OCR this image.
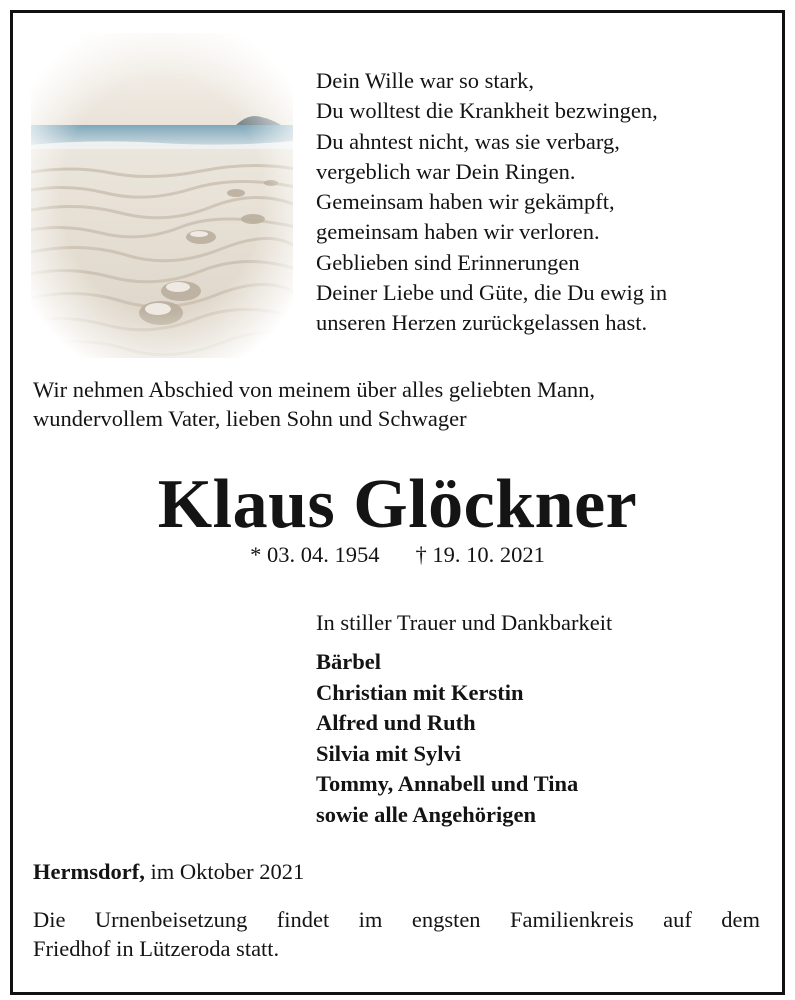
Dein Wille war so stark,
Du wolltest die Krankheit bezwingen,
Du ahntest nicht, was sie verbarg,
vergeblich war Dein Ringen.
Gemeinsam haben wir gekämpft,
gemeinsam haben wir verloren.
Geblieben sind Erinnerungen
Deiner Liebe und Güte, die Du ewig in
unseren Herzen zurückgelassen hast.
Wir nehmen Abschied von meinem über alles geliebten Mann,
wundervollem Vater, lieben Sohn und Schwager
Klaus Glöckner
* 03. 04. 1954 † 19. 10. 2021
In stiller Trauer und Dankbarkeit
Bärbel
Christian mit Kerstin
Alfred und Ruth
Silvia mit Sylvi
Tommy, Annabell und Tina
sowie alle Angehörigen
Hermsdorf, im Oktober 2021
Die Urnenbeisetzung findet im engsten Familienkreis auf dem
Friedhof in Lützeroda statt.
